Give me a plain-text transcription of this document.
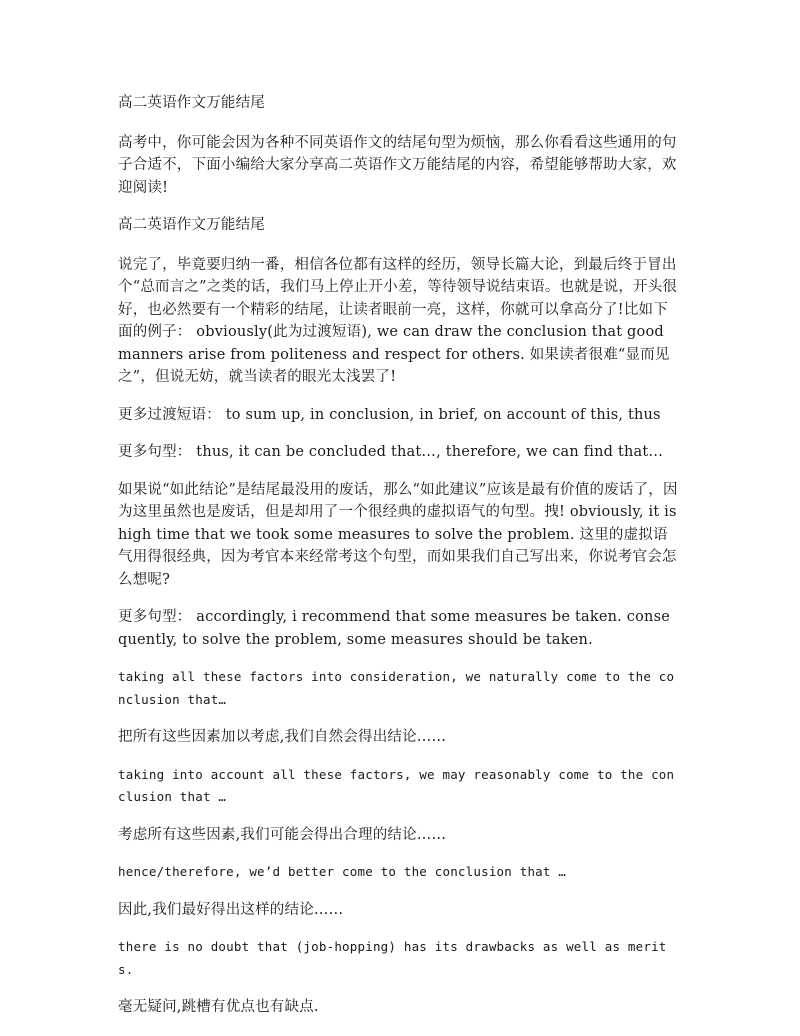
高二英语作文万能结尾

高考中，你可能会因为各种不同英语作文的结尾句型为烦恼，那么你看看这些通用的句子合适不，下面小编给大家分享高二英语作文万能结尾的内容，希望能够帮助大家，欢迎阅读!

高二英语作文万能结尾

说完了，毕竟要归纳一番，相信各位都有这样的经历，领导长篇大论，到最后终于冒出个“总而言之”之类的话，我们马上停止开小差，等待领导说结束语。也就是说，开头很好，也必然要有一个精彩的结尾，让读者眼前一亮，这样，你就可以拿高分了!比如下面的例子： obviously(此为过渡短语), we can draw the conclusion that good manners arise from politeness and respect for others. 如果读者很难“显而见之”，但说无妨，就当读者的眼光太浅罢了!

更多过渡短语： to sum up, in conclusion, in brief, on account of this, thus

更多句型： thus, it can be concluded that…, therefore, we can find that…

如果说“如此结论”是结尾最没用的废话，那么“如此建议”应该是最有价值的废话了，因为这里虽然也是废话，但是却用了一个很经典的虚拟语气的句型。拽! obviously, it is high time that we took some measures to solve the problem. 这里的虚拟语气用得很经典，因为考官本来经常考这个句型，而如果我们自己写出来，你说考官会怎么想呢?

更多句型： accordingly, i recommend that some measures be taken. consequently, to solve the problem, some measures should be taken.

taking all these factors into consideration, we naturally come to the conclusion that…

把所有这些因素加以考虑,我们自然会得出结论……

taking into account all these factors, we may reasonably come to the conclusion that …

考虑所有这些因素,我们可能会得出合理的结论……

hence/therefore, we’d better come to the conclusion that …

因此,我们最好得出这样的结论……

there is no doubt that (job-hopping) has its drawbacks as well as merits.

毫无疑问,跳槽有优点也有缺点.
